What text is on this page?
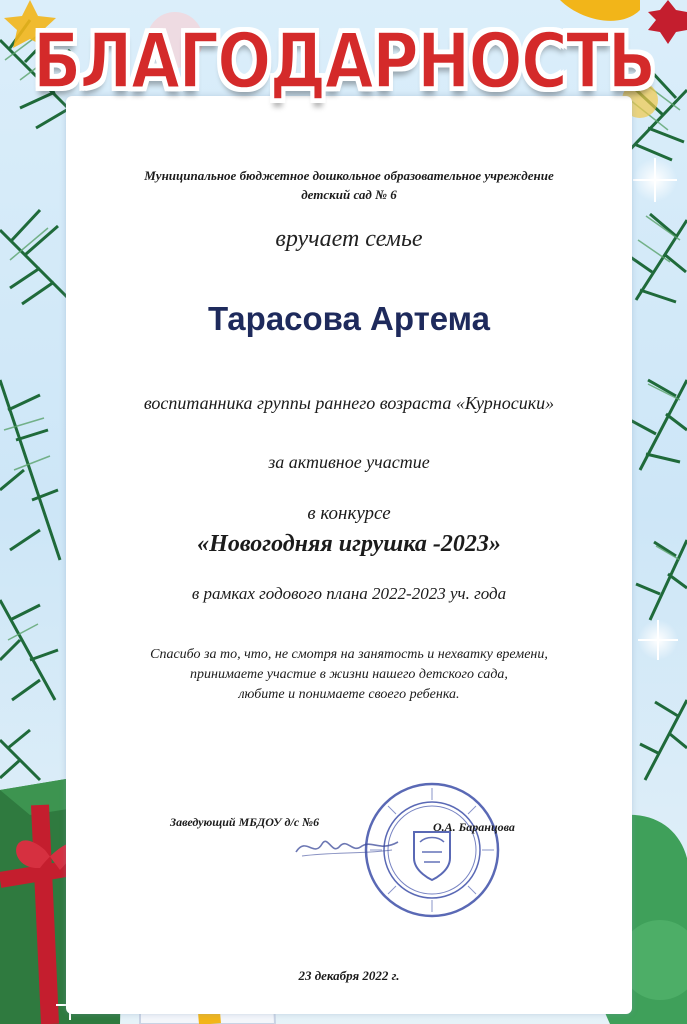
БЛАГОДАРНОСТЬ
Муниципальное бюджетное дошкольное образовательное учреждение
детский сад № 6
вручает семье
Тарасова Артема
воспитанника группы раннего возраста «Курносики»
за активное участие
в конкурсе
«Новогодняя игрушка -2023»
в рамках годового плана 2022-2023 уч. года
Спасибо за то, что, не смотря на занятость и нехватку времени,
принимаете участие в жизни нашего детского сада,
любите и понимаете своего ребенка.
Заведующий МБДОУ д/с №6	О.А. Баранцова
23 декабря 2022 г.
